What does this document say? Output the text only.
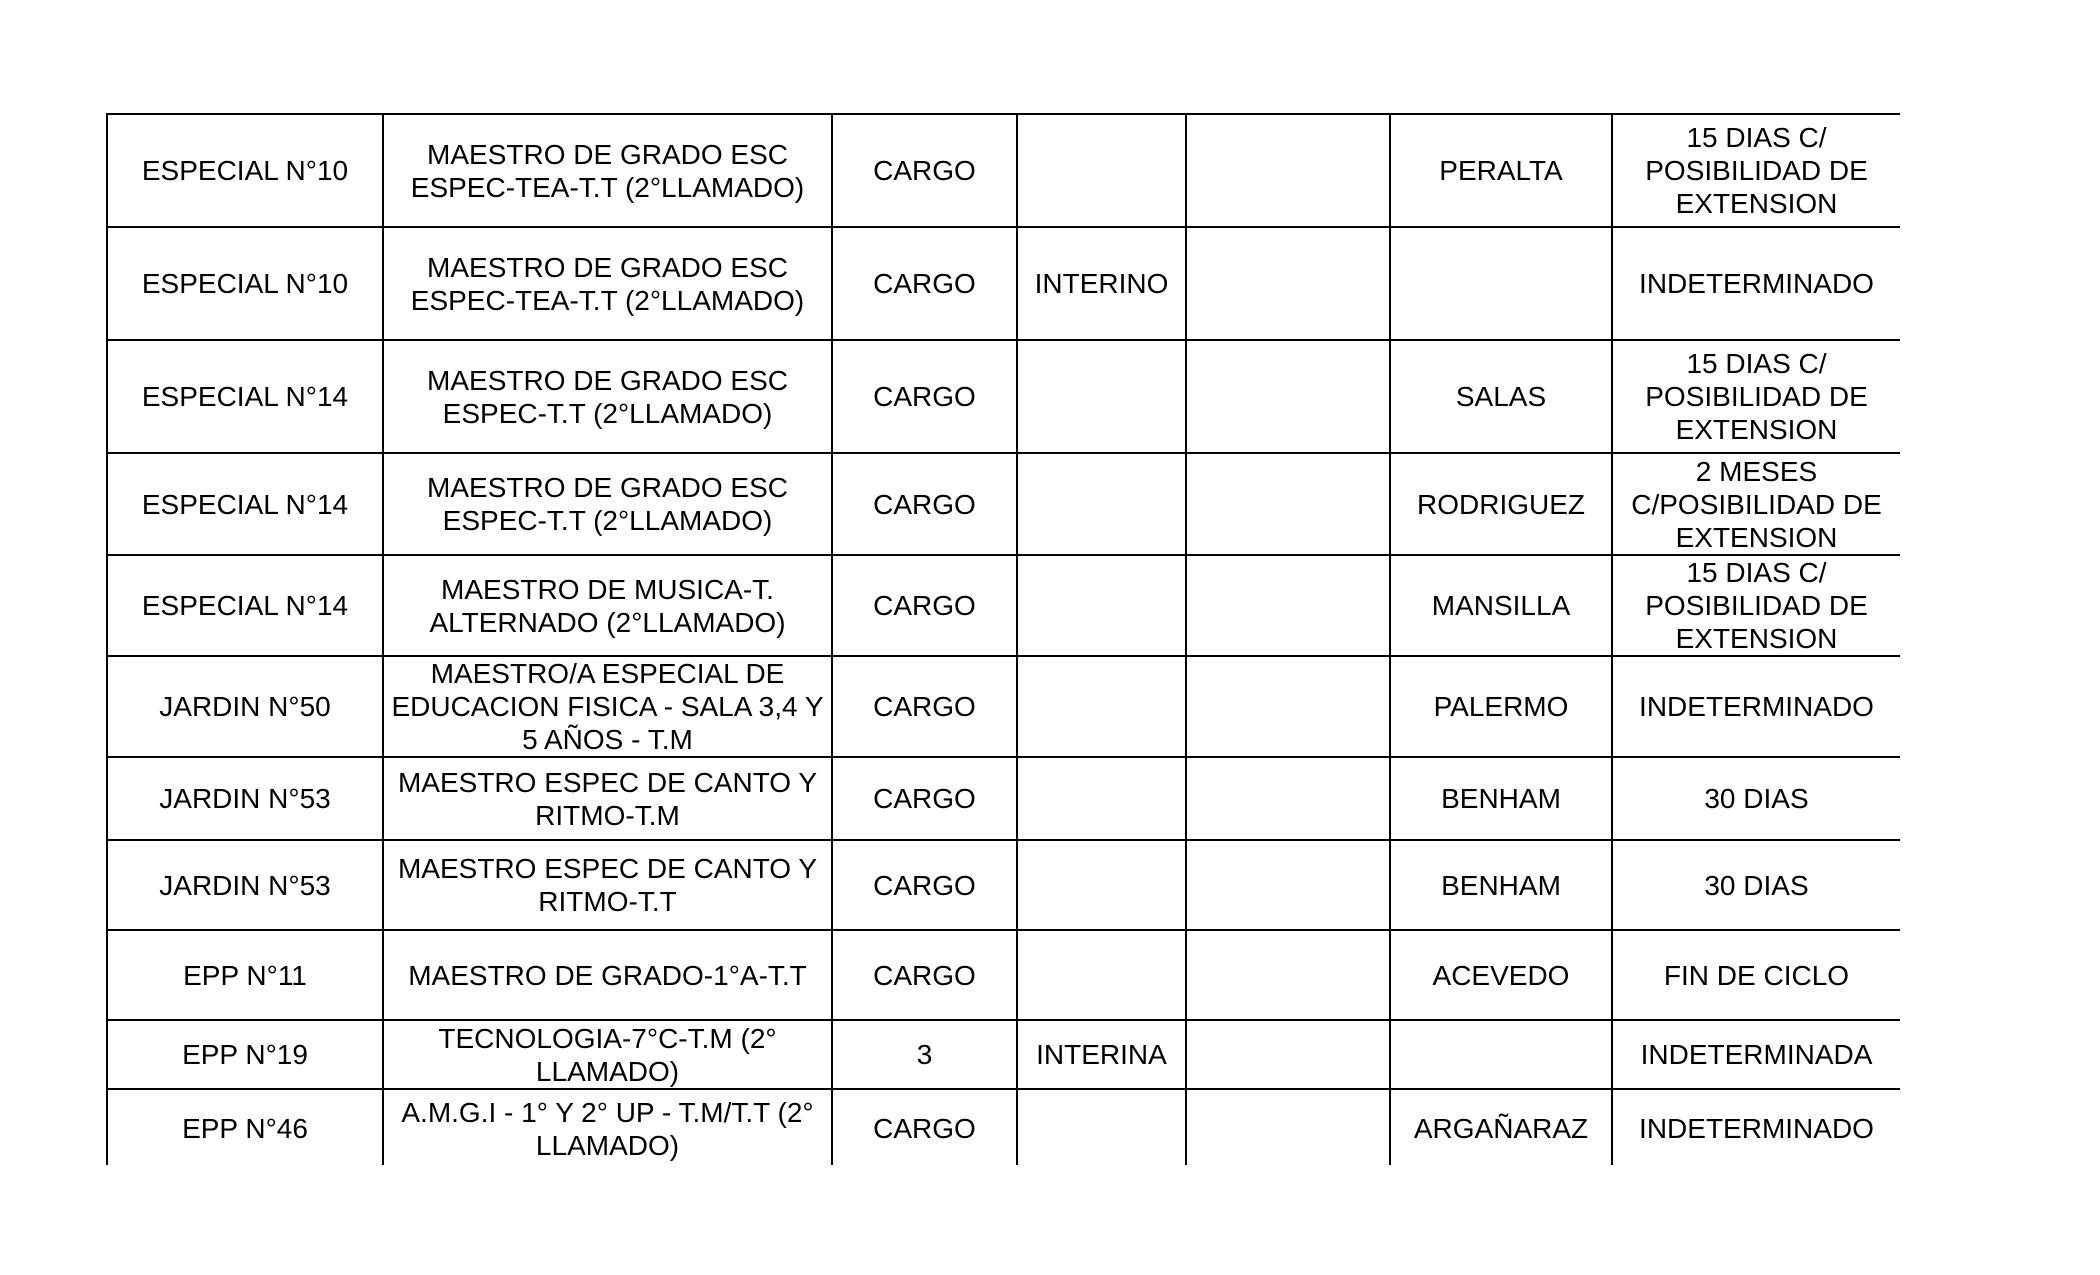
ESPECIAL N°10	MAESTRO DE GRADO ESC ESPEC-TEA-T.T (2°LLAMADO)	CARGO			PERALTA	15 DIAS C/ POSIBILIDAD DE EXTENSION

ESPECIAL N°10	MAESTRO DE GRADO ESC ESPEC-TEA-T.T (2°LLAMADO)	CARGO	INTERINO			INDETERMINADO

ESPECIAL N°14	MAESTRO DE GRADO ESC ESPEC-T.T (2°LLAMADO)	CARGO			SALAS	15 DIAS C/ POSIBILIDAD DE EXTENSION

ESPECIAL N°14	MAESTRO DE GRADO ESC ESPEC-T.T (2°LLAMADO)	CARGO			RODRIGUEZ	2 MESES C/POSIBILIDAD DE EXTENSION

ESPECIAL N°14	MAESTRO DE MUSICA-T. ALTERNADO (2°LLAMADO)	CARGO			MANSILLA	15 DIAS C/ POSIBILIDAD DE EXTENSION

JARDIN N°50	MAESTRO/A ESPECIAL DE EDUCACION FISICA - SALA 3,4 Y 5 AÑOS - T.M	CARGO			PALERMO	INDETERMINADO

JARDIN N°53	MAESTRO ESPEC DE CANTO Y RITMO-T.M	CARGO			BENHAM	30 DIAS

JARDIN N°53	MAESTRO ESPEC DE CANTO Y RITMO-T.T	CARGO			BENHAM	30 DIAS

EPP N°11	MAESTRO DE GRADO-1°A-T.T	CARGO			ACEVEDO	FIN DE CICLO

EPP N°19	TECNOLOGIA-7°C-T.M (2° LLAMADO)	3	INTERINA			INDETERMINADA

EPP N°46	A.M.G.I - 1° Y 2° UP - T.M/T.T (2° LLAMADO)	CARGO			ARGAÑARAZ	INDETERMINADO
